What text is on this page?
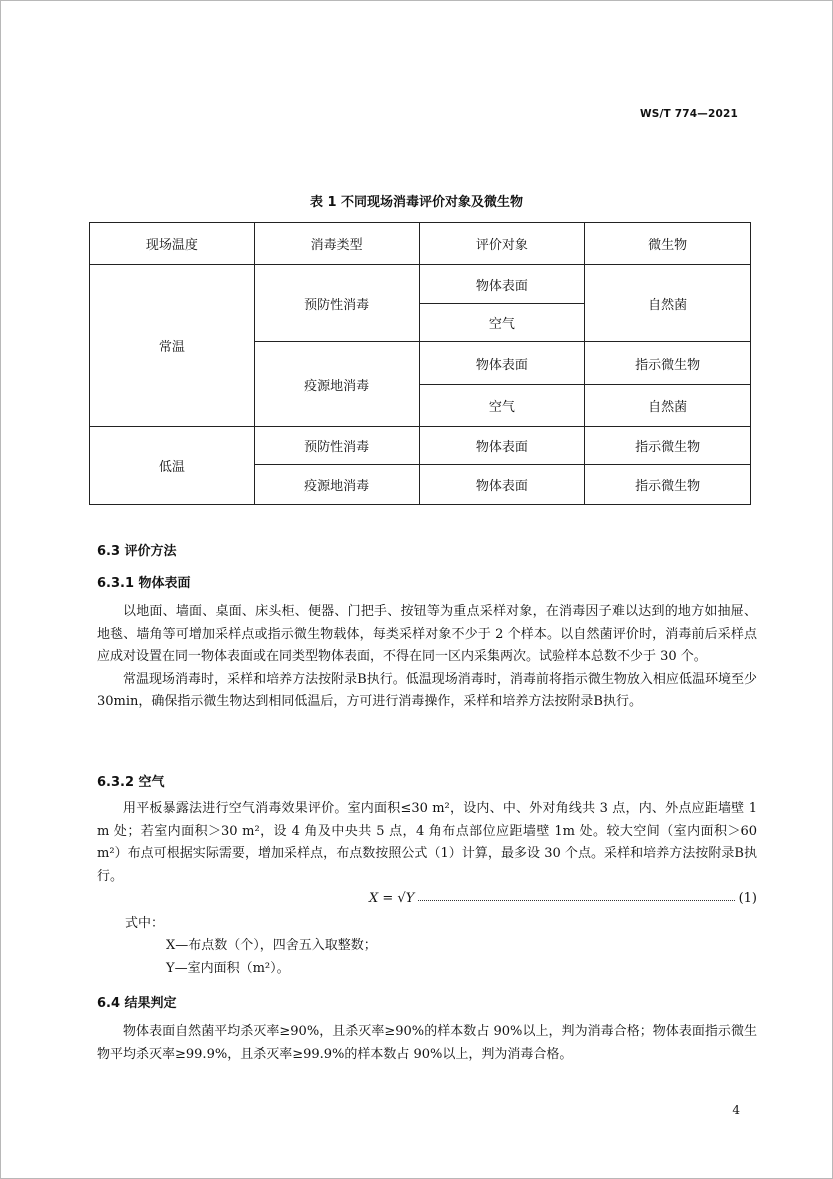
WS/T 774—2021
表 1 不同现场消毒评价对象及微生物
现场温度	消毒类型	评价对象	微生物
常温	预防性消毒	物体表面	自然菌
		空气	
	疫源地消毒	物体表面	指示微生物
		空气	自然菌
低温	预防性消毒	物体表面	指示微生物
	疫源地消毒	物体表面	指示微生物
6.3 评价方法
6.3.1 物体表面

以地面、墙面、桌面、床头柜、便器、门把手、按钮等为重点采样对象，在消毒因子难以达到的地方如抽屉、地毯、墙角等可增加采样点或指示微生物载体，每类采样对象不少于 2 个样本。以自然菌评价时，消毒前后采样点应成对设置在同一物体表面或在同类型物体表面，不得在同一区内采集两次。试验样本总数不少于 30 个。

常温现场消毒时，采样和培养方法按附录B执行。低温现场消毒时，消毒前将指示微生物放入相应低温环境至少30min，确保指示微生物达到相同低温后，方可进行消毒操作，采样和培养方法按附录B执行。

6.3.2 空气

用平板暴露法进行空气消毒效果评价。室内面积≤30 m²，设内、中、外对角线共 3 点，内、外点应距墙壁 1 m 处；若室内面积＞30 m²，设 4 角及中央共 5 点，4 角布点部位应距墙壁 1m 处。较大空间（室内面积＞60 m²）布点可根据实际需要，增加采样点，布点数按照公式（1）计算，最多设 30 个点。采样和培养方法按附录B执行。

X = √Y	(1)
式中：
X—布点数（个），四舍五入取整数；
Y—室内面积（m²）。
6.4 结果判定

物体表面自然菌平均杀灭率≥90%，且杀灭率≥90%的样本数占 90%以上，判为消毒合格；物体表面指示微生物平均杀灭率≥99.9%，且杀灭率≥99.9%的样本数占 90%以上，判为消毒合格。

4
